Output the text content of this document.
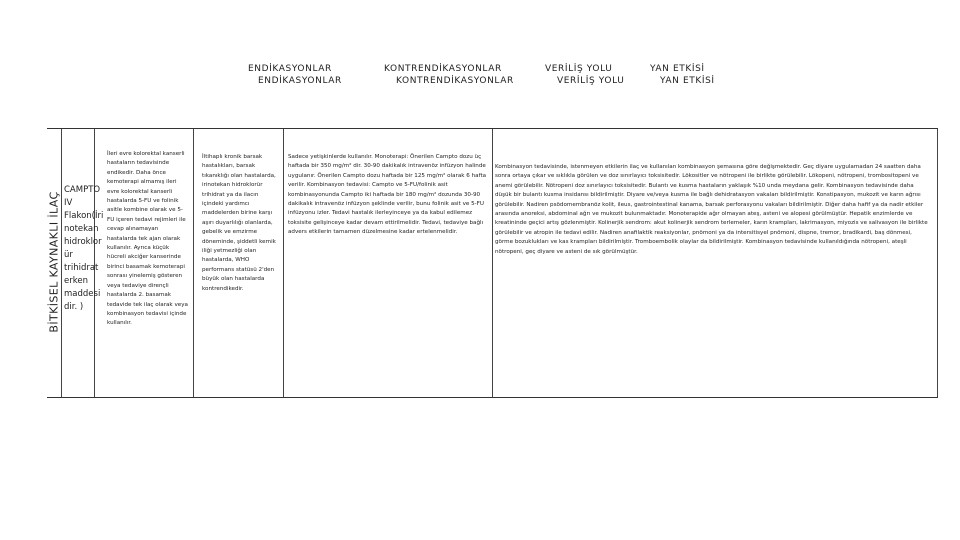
ENDİKASYONLAR
ENDİKASYONLAR
KONTRENDİKASYONLAR
KONTRENDİKASYONLAR
VERİLİŞ YOLU
VERİLİŞ YOLU
YAN ETKİSİ
YAN ETKİSİ
BİTKİSEL KAYNAKLI İLAÇ
CAMPTO IV Flakon(İri notekan hidroklor ür trihidrat erken maddesi dir. )
İleri evre kolorektal kanserli hastaların tedavisinde endikedir. Daha önce kemoterapi almamış ileri evre kolorektal kanserli hastalarda 5-FU ve folinik asitle kombine olarak ve 5-FU içeren tedavi rejimleri ile cevap alınamayan hastalarda tek ajan olarak kullanılır. Ayrıca küçük hücreli akciğer kanserinde birinci basamak kemoterapi sonrası yinelemiş gösteren veya tedaviye dirençli hastalarda 2. basamak tedavide tek ilaç olarak veya kombinasyon tedavisi içinde kullanılır.
İltihaplı kronik barsak hastalıkları, barsak tıkanıklığı olan hastalarda, irinotekan hidroklorür trihidrat ya da ilacın içindeki yardımcı maddelerden birine karşı aşırı duyarlılığı olanlarda, gebelik ve emzirme döneminde, şiddetli kemik iliği yetmezliği olan hastalarda, WHO performans statüsü 2'den büyük olan hastalarda kontrendikedir.
Sadece yetişkinlerde kullanılır. Monoterapi: Önerilen Campto dozu üç haftada bir 350 mg/m² dir. 30-90 dakikalık intravenöz infüzyon halinde uygulanır. Önerilen Campto dozu haftada bir 125 mg/m² olarak 6 hafta verilir. Kombinasyon tedavisi: Campto ve 5-FU/folinik asit kombinasyonunda Campto iki haftada bir 180 mg/m² dozunda 30-90 dakikalık intravenöz infüzyon şeklinde verilir, bunu folinik asit ve 5-FU infüzyonu izler. Tedavi hastalık ilerleyinceye ya da kabul edilemez toksisite gelişinceye kadar devam ettirilmelidir. Tedavi, tedaviye bağlı advers etkilerin tamamen düzelmesine kadar ertelenmelidir.
Kombinasyon tedavisinde, istenmeyen etkilerin ilaç ve kullanılan kombinasyon şemasına göre değişmektedir. Geç diyare uygulamadan 24 saatten daha sonra ortaya çıkar ve sıklıkla görülen ve doz sınırlayıcı toksisitedir. Lökositler ve nötropeni ile birlikte görülebilir. Lökopeni, nötropeni, trombositopeni ve anemi görülebilir. Nötropeni doz sınırlayıcı toksisitedir. Bulantı ve kusma hastaların yaklaşık %10 unda meydana gelir. Kombinasyon tedavisinde daha düşük bir bulantı kusma insidansı bildirilmiştir. Diyare ve/veya kusma ile bağlı dehidratasyon vakaları bildirilmiştir. Konstipasyon, mukozit ve karın ağrısı görülebilir. Nadiren psödomembranöz kolit, ileus, gastrointestinal kanama, barsak perforasyonu vakaları bildirilmiştir. Diğer daha hafif ya da nadir etkiler arasında anoreksi, abdominal ağrı ve mukozit bulunmaktadır. Monoterapide ağır olmayan ateş, asteni ve alopesi görülmüştür. Hepatik enzimlerde ve kreatininde geçici artış gözlenmiştir. Kolinerjik sendrom: akut kolinerjik sendrom terlemeler, karın krampları, lakrimasyon, miyozis ve salivasyon ile birlikte görülebilir ve atropin ile tedavi edilir. Nadiren anafilaktik reaksiyonlar, pnömoni ya da intersitisyel pnömoni, dispne, tremor, bradikardi, baş dönmesi, görme bozuklukları ve kas krampları bildirilmiştir. Tromboembolik olaylar da bildirilmiştir. Kombinasyon tedavisinde kullanıldığında nötropeni, ateşli nötropeni, geç diyare ve asteni de sık görülmüştür.
